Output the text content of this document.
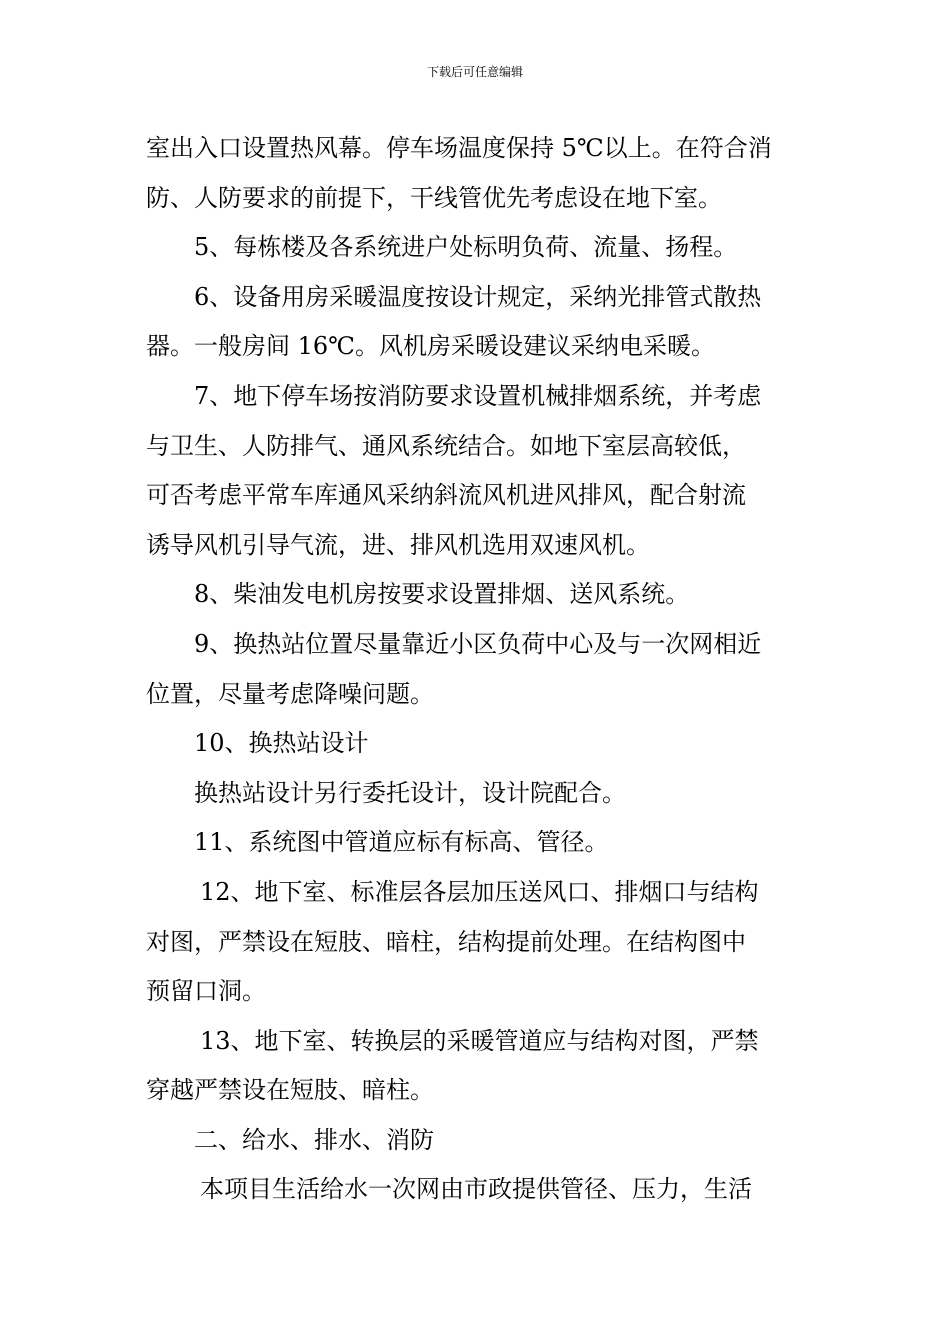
下载后可任意编辑

室出入口设置热风幕。停车场温度保持 5℃以上。在符合消
防、人防要求的前提下，干线管优先考虑设在地下室。

5、每栋楼及各系统进户处标明负荷、流量、扬程。

6、设备用房采暖温度按设计规定，采纳光排管式散热
器。一般房间 16℃。风机房采暖设建议采纳电采暖。

7、地下停车场按消防要求设置机械排烟系统，并考虑
与卫生、人防排气、通风系统结合。如地下室层高较低，
可否考虑平常车库通风采纳斜流风机进风排风，配合射流
诱导风机引导气流，进、排风机选用双速风机。

8、柴油发电机房按要求设置排烟、送风系统。

9、换热站位置尽量靠近小区负荷中心及与一次网相近
位置，尽量考虑降噪问题。

10、换热站设计

换热站设计另行委托设计，设计院配合。

11、系统图中管道应标有标高、管径。

12、地下室、标准层各层加压送风口、排烟口与结构
对图，严禁设在短肢、暗柱，结构提前处理。在结构图中
预留口洞。

13、地下室、转换层的采暖管道应与结构对图，严禁
穿越严禁设在短肢、暗柱。

二、给水、排水、消防

本项目生活给水一次网由市政提供管径、压力，生活
